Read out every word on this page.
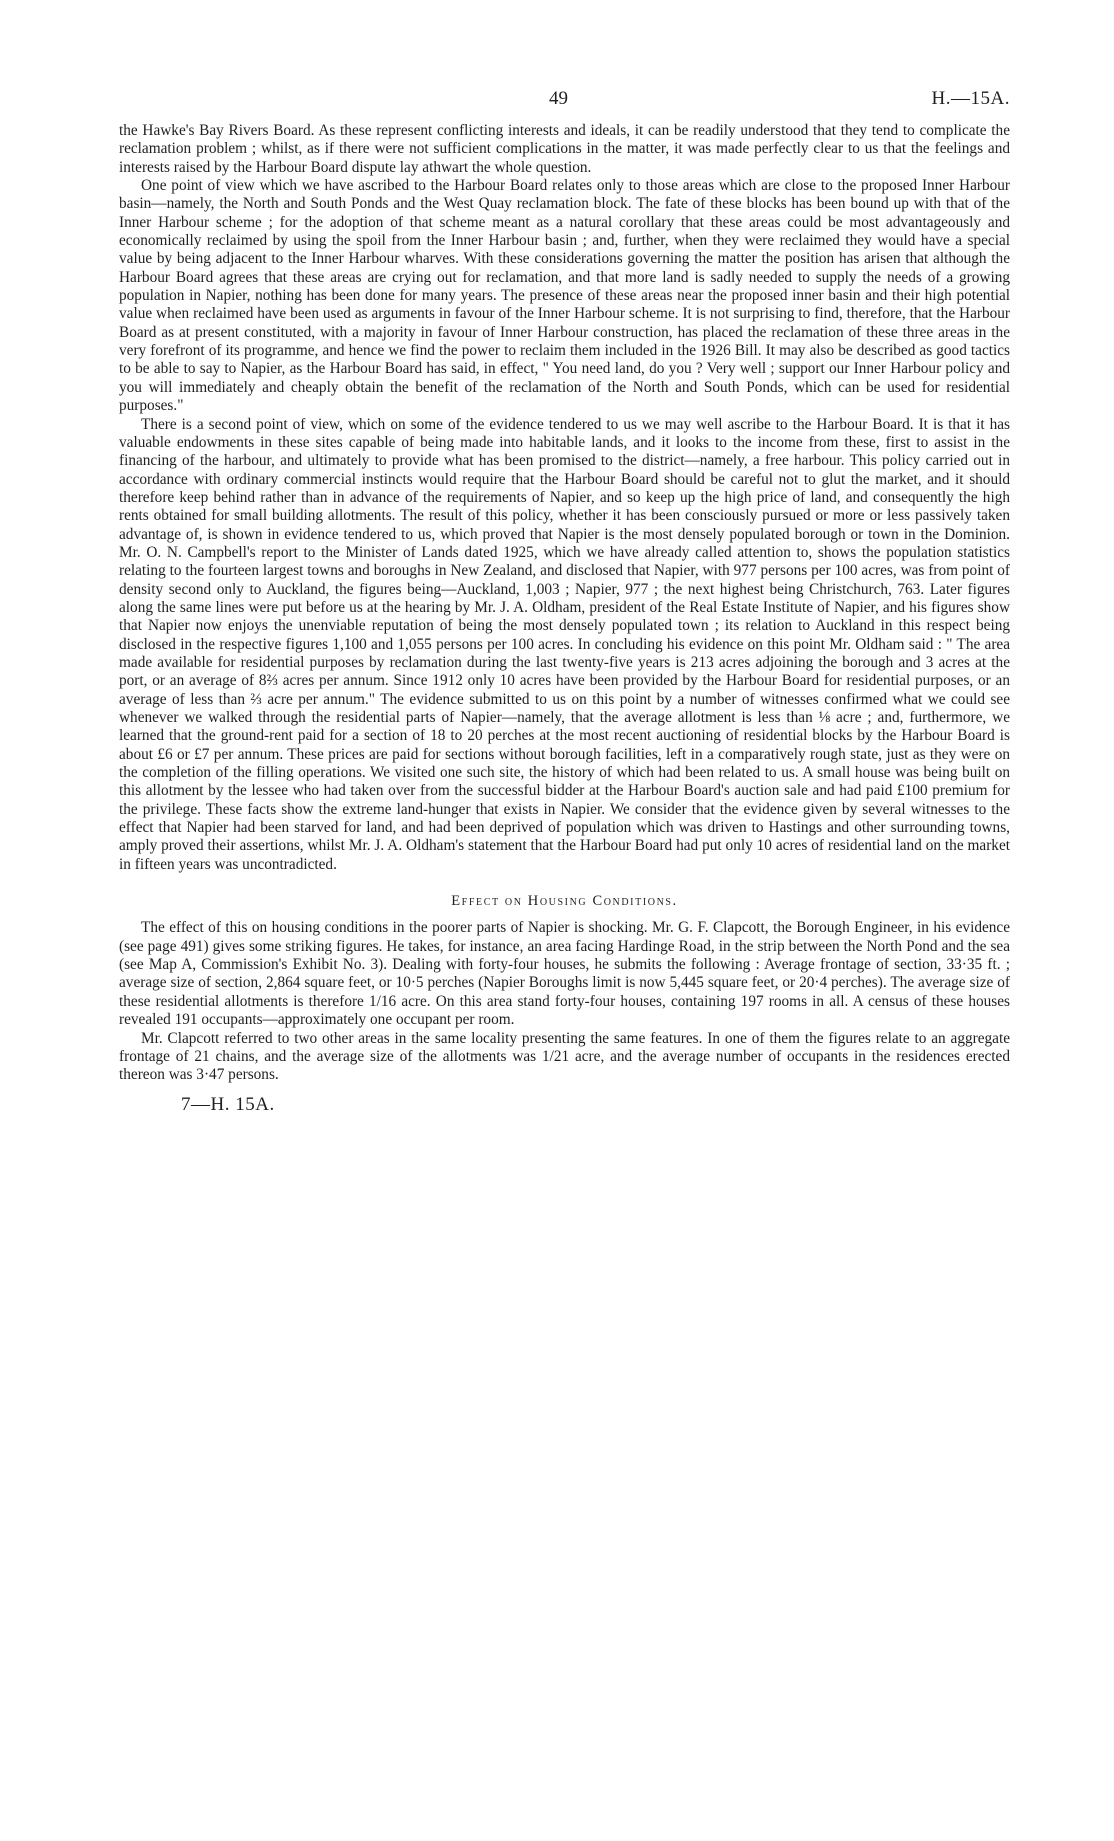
49	H.—15A.

the Hawke's Bay Rivers Board. As these represent conflicting interests and ideals, it can be readily understood that they tend to complicate the reclamation problem ; whilst, as if there were not sufficient complications in the matter, it was made perfectly clear to us that the feelings and interests raised by the Harbour Board dispute lay athwart the whole question.

One point of view which we have ascribed to the Harbour Board relates only to those areas which are close to the proposed Inner Harbour basin—namely, the North and South Ponds and the West Quay reclamation block. The fate of these blocks has been bound up with that of the Inner Harbour scheme ; for the adoption of that scheme meant as a natural corollary that these areas could be most advantageously and economically reclaimed by using the spoil from the Inner Harbour basin ; and, further, when they were reclaimed they would have a special value by being adjacent to the Inner Harbour wharves. With these considerations governing the matter the position has arisen that although the Harbour Board agrees that these areas are crying out for reclamation, and that more land is sadly needed to supply the needs of a growing population in Napier, nothing has been done for many years. The presence of these areas near the proposed inner basin and their high potential value when reclaimed have been used as arguments in favour of the Inner Harbour scheme. It is not surprising to find, therefore, that the Harbour Board as at present constituted, with a majority in favour of Inner Harbour construction, has placed the reclamation of these three areas in the very forefront of its programme, and hence we find the power to reclaim them included in the 1926 Bill. It may also be described as good tactics to be able to say to Napier, as the Harbour Board has said, in effect, " You need land, do you ? Very well ; support our Inner Harbour policy and you will immediately and cheaply obtain the benefit of the reclamation of the North and South Ponds, which can be used for residential purposes."

There is a second point of view, which on some of the evidence tendered to us we may well ascribe to the Harbour Board. It is that it has valuable endowments in these sites capable of being made into habitable lands, and it looks to the income from these, first to assist in the financing of the harbour, and ultimately to provide what has been promised to the district—namely, a free harbour. This policy carried out in accordance with ordinary commercial instincts would require that the Harbour Board should be careful not to glut the market, and it should therefore keep behind rather than in advance of the requirements of Napier, and so keep up the high price of land, and consequently the high rents obtained for small building allotments. The result of this policy, whether it has been consciously pursued or more or less passively taken advantage of, is shown in evidence tendered to us, which proved that Napier is the most densely populated borough or town in the Dominion. Mr. O. N. Campbell's report to the Minister of Lands dated 1925, which we have already called attention to, shows the population statistics relating to the fourteen largest towns and boroughs in New Zealand, and disclosed that Napier, with 977 persons per 100 acres, was from point of density second only to Auckland, the figures being—Auckland, 1,003 ; Napier, 977 ; the next highest being Christchurch, 763. Later figures along the same lines were put before us at the hearing by Mr. J. A. Oldham, president of the Real Estate Institute of Napier, and his figures show that Napier now enjoys the unenviable reputation of being the most densely populated town ; its relation to Auckland in this respect being disclosed in the respective figures 1,100 and 1,055 persons per 100 acres. In concluding his evidence on this point Mr. Oldham said : " The area made available for residential purposes by reclamation during the last twenty-five years is 213 acres adjoining the borough and 3 acres at the port, or an average of 8⅔ acres per annum. Since 1912 only 10 acres have been provided by the Harbour Board for residential purposes, or an average of less than ⅔ acre per annum." The evidence submitted to us on this point by a number of witnesses confirmed what we could see whenever we walked through the residential parts of Napier—namely, that the average allotment is less than ⅛ acre ; and, furthermore, we learned that the ground-rent paid for a section of 18 to 20 perches at the most recent auctioning of residential blocks by the Harbour Board is about £6 or £7 per annum. These prices are paid for sections without borough facilities, left in a comparatively rough state, just as they were on the completion of the filling operations. We visited one such site, the history of which had been related to us. A small house was being built on this allotment by the lessee who had taken over from the successful bidder at the Harbour Board's auction sale and had paid £100 premium for the privilege. These facts show the extreme land-hunger that exists in Napier. We consider that the evidence given by several witnesses to the effect that Napier had been starved for land, and had been deprived of population which was driven to Hastings and other surrounding towns, amply proved their assertions, whilst Mr. J. A. Oldham's statement that the Harbour Board had put only 10 acres of residential land on the market in fifteen years was uncontradicted.

Effect on Housing Conditions.

The effect of this on housing conditions in the poorer parts of Napier is shocking. Mr. G. F. Clapcott, the Borough Engineer, in his evidence (see page 491) gives some striking figures. He takes, for instance, an area facing Hardinge Road, in the strip between the North Pond and the sea (see Map A, Commission's Exhibit No. 3). Dealing with forty-four houses, he submits the following : Average frontage of section, 33·35 ft. ; average size of section, 2,864 square feet, or 10·5 perches (Napier Boroughs limit is now 5,445 square feet, or 20·4 perches). The average size of these residential allotments is therefore 1/16 acre. On this area stand forty-four houses, containing 197 rooms in all. A census of these houses revealed 191 occupants—approximately one occupant per room.

Mr. Clapcott referred to two other areas in the same locality presenting the same features. In one of them the figures relate to an aggregate frontage of 21 chains, and the average size of the allotments was 1/21 acre, and the average number of occupants in the residences erected thereon was 3·47 persons.

7—H. 15A.
